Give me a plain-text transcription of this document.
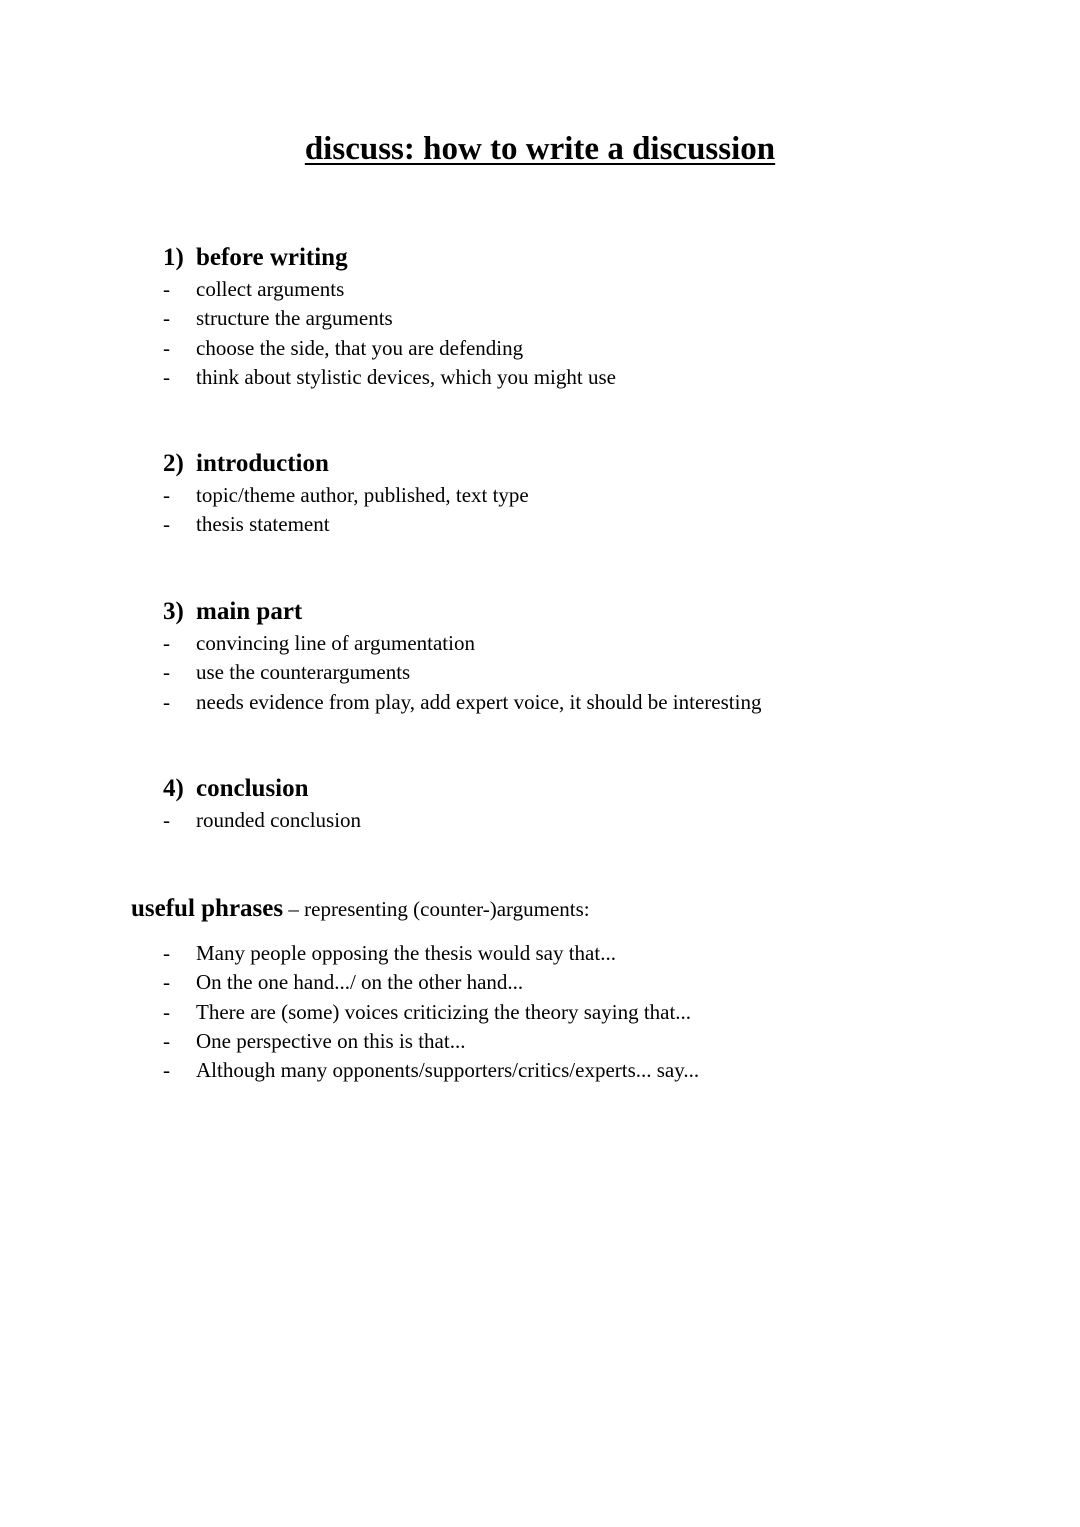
discuss: how to write a discussion
1) before writing
- collect arguments
- structure the arguments
- choose the side, that you are defending
- think about stylistic devices, which you might use
2) introduction
- topic/theme author, published, text type
- thesis statement
3) main part
- convincing line of argumentation
- use the counterarguments
- needs evidence from play, add expert voice, it should be interesting
4) conclusion
- rounded conclusion
useful phrases – representing (counter-)arguments:
- Many people opposing the thesis would say that...
- On the one hand.../ on the other hand...
- There are (some) voices criticizing the theory saying that...
- One perspective on this is that...
- Although many opponents/supporters/critics/experts... say...
